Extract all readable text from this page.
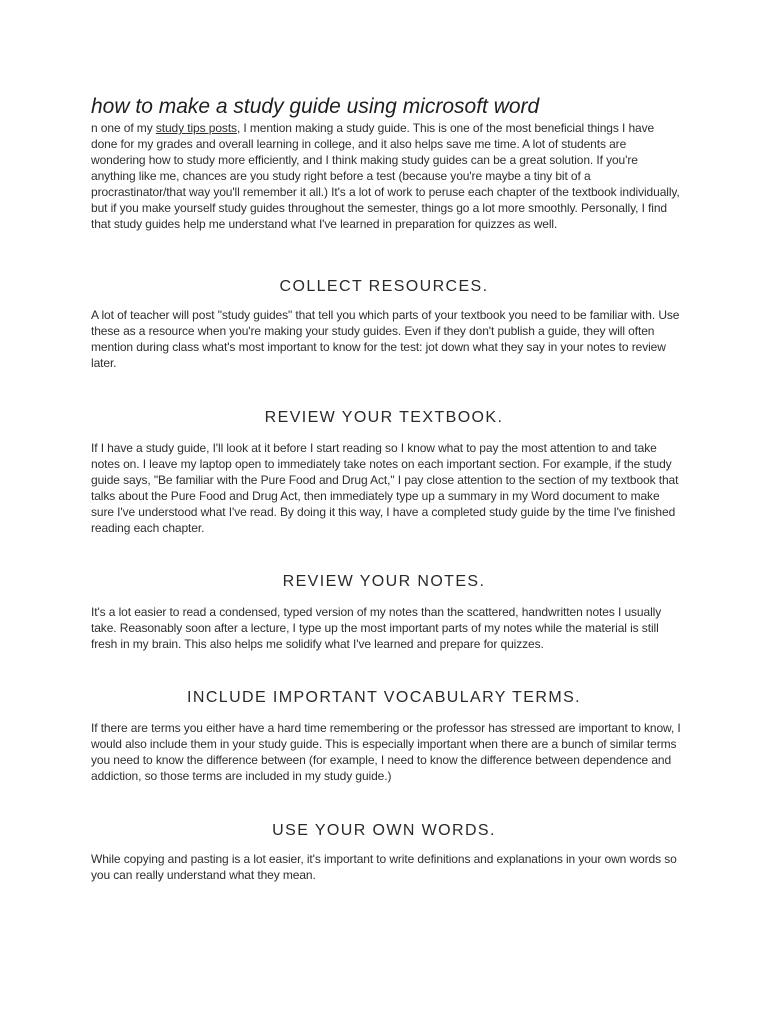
how to make a study guide using microsoft word

n one of my study tips posts, I mention making a study guide. This is one of the most beneficial things I have done for my grades and overall learning in college, and it also helps save me time. A lot of students are wondering how to study more efficiently, and I think making study guides can be a great solution. If you're anything like me, chances are you study right before a test (because you're maybe a tiny bit of a procrastinator/that way you'll remember it all.) It's a lot of work to peruse each chapter of the textbook individually, but if you make yourself study guides throughout the semester, things go a lot more smoothly. Personally, I find that study guides help me understand what I've learned in preparation for quizzes as well.

COLLECT RESOURCES.

A lot of teacher will post "study guides" that tell you which parts of your textbook you need to be familiar with. Use these as a resource when you're making your study guides. Even if they don't publish a guide, they will often mention during class what's most important to know for the test: jot down what they say in your notes to review later.

REVIEW YOUR TEXTBOOK.

If I have a study guide, I'll look at it before I start reading so I know what to pay the most attention to and take notes on. I leave my laptop open to immediately take notes on each important section. For example, if the study guide says, "Be familiar with the Pure Food and Drug Act," I pay close attention to the section of my textbook that talks about the Pure Food and Drug Act, then immediately type up a summary in my Word document to make sure I've understood what I've read. By doing it this way, I have a completed study guide by the time I've finished reading each chapter.

REVIEW YOUR NOTES.

It's a lot easier to read a condensed, typed version of my notes than the scattered, handwritten notes I usually take. Reasonably soon after a lecture, I type up the most important parts of my notes while the material is still fresh in my brain. This also helps me solidify what I've learned and prepare for quizzes.

INCLUDE IMPORTANT VOCABULARY TERMS.

If there are terms you either have a hard time remembering or the professor has stressed are important to know, I would also include them in your study guide. This is especially important when there are a bunch of similar terms you need to know the difference between (for example, I need to know the difference between dependence and addiction, so those terms are included in my study guide.)

USE YOUR OWN WORDS.

While copying and pasting is a lot easier, it's important to write definitions and explanations in your own words so you can really understand what they mean.
